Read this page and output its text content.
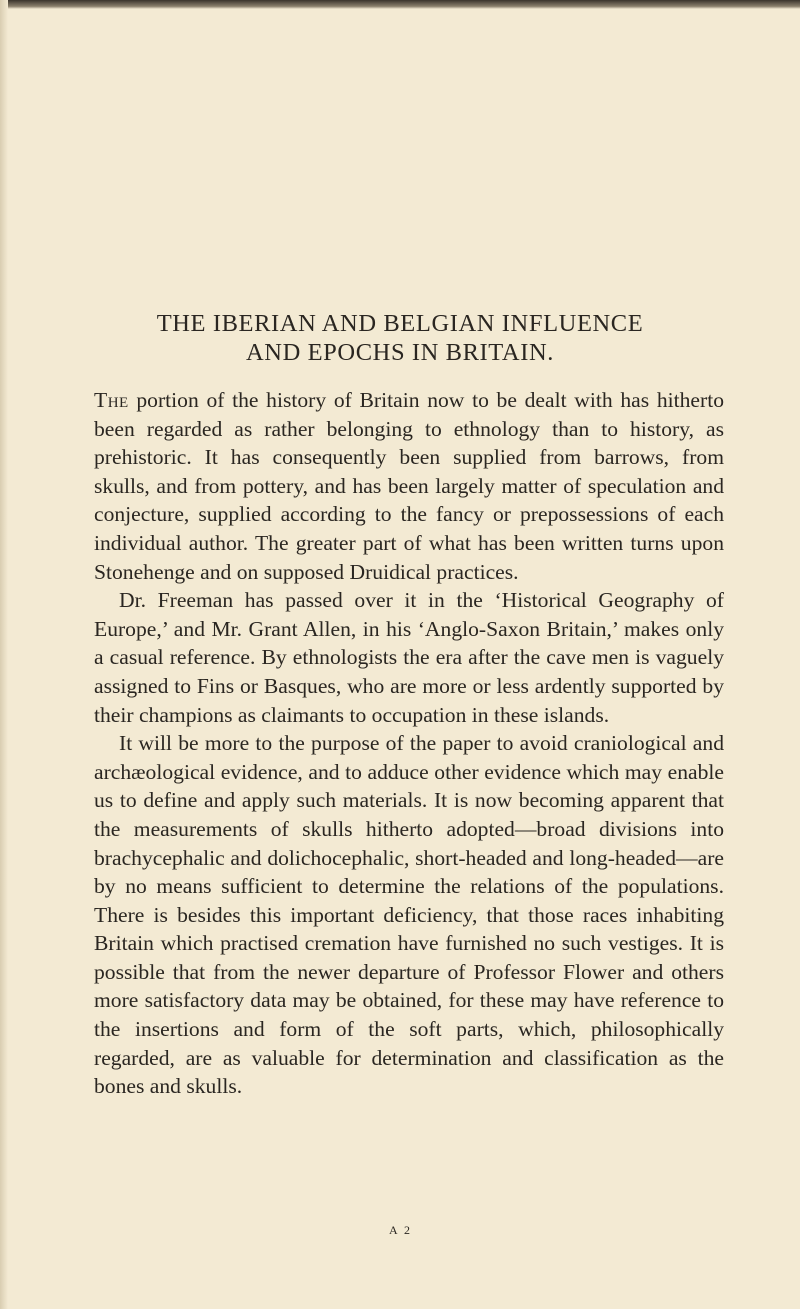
THE IBERIAN AND BELGIAN INFLUENCE
AND EPOCHS IN BRITAIN.

The portion of the history of Britain now to be dealt with has hitherto been regarded as rather belonging to ethnology than to history, as prehistoric. It has consequently been supplied from barrows, from skulls, and from pottery, and has been largely matter of speculation and conjecture, supplied according to the fancy or prepossessions of each individual author. The greater part of what has been written turns upon Stonehenge and on supposed Druidical practices.

Dr. Freeman has passed over it in the ‘Historical Geography of Europe,’ and Mr. Grant Allen, in his ‘Anglo-Saxon Britain,’ makes only a casual reference. By ethnologists the era after the cave men is vaguely assigned to Fins or Basques, who are more or less ardently supported by their champions as claimants to occupation in these islands.

It will be more to the purpose of the paper to avoid craniological and archæological evidence, and to adduce other evidence which may enable us to define and apply such materials. It is now becoming apparent that the measurements of skulls hitherto adopted—broad divisions into brachycephalic and dolichocephalic, short-headed and long-headed—are by no means sufficient to determine the relations of the populations. There is besides this important deficiency, that those races inhabiting Britain which practised cremation have furnished no such vestiges. It is possible that from the newer departure of Professor Flower and others more satisfactory data may be obtained, for these may have reference to the insertions and form of the soft parts, which, philosophically regarded, are as valuable for determination and classification as the bones and skulls.

A 2
